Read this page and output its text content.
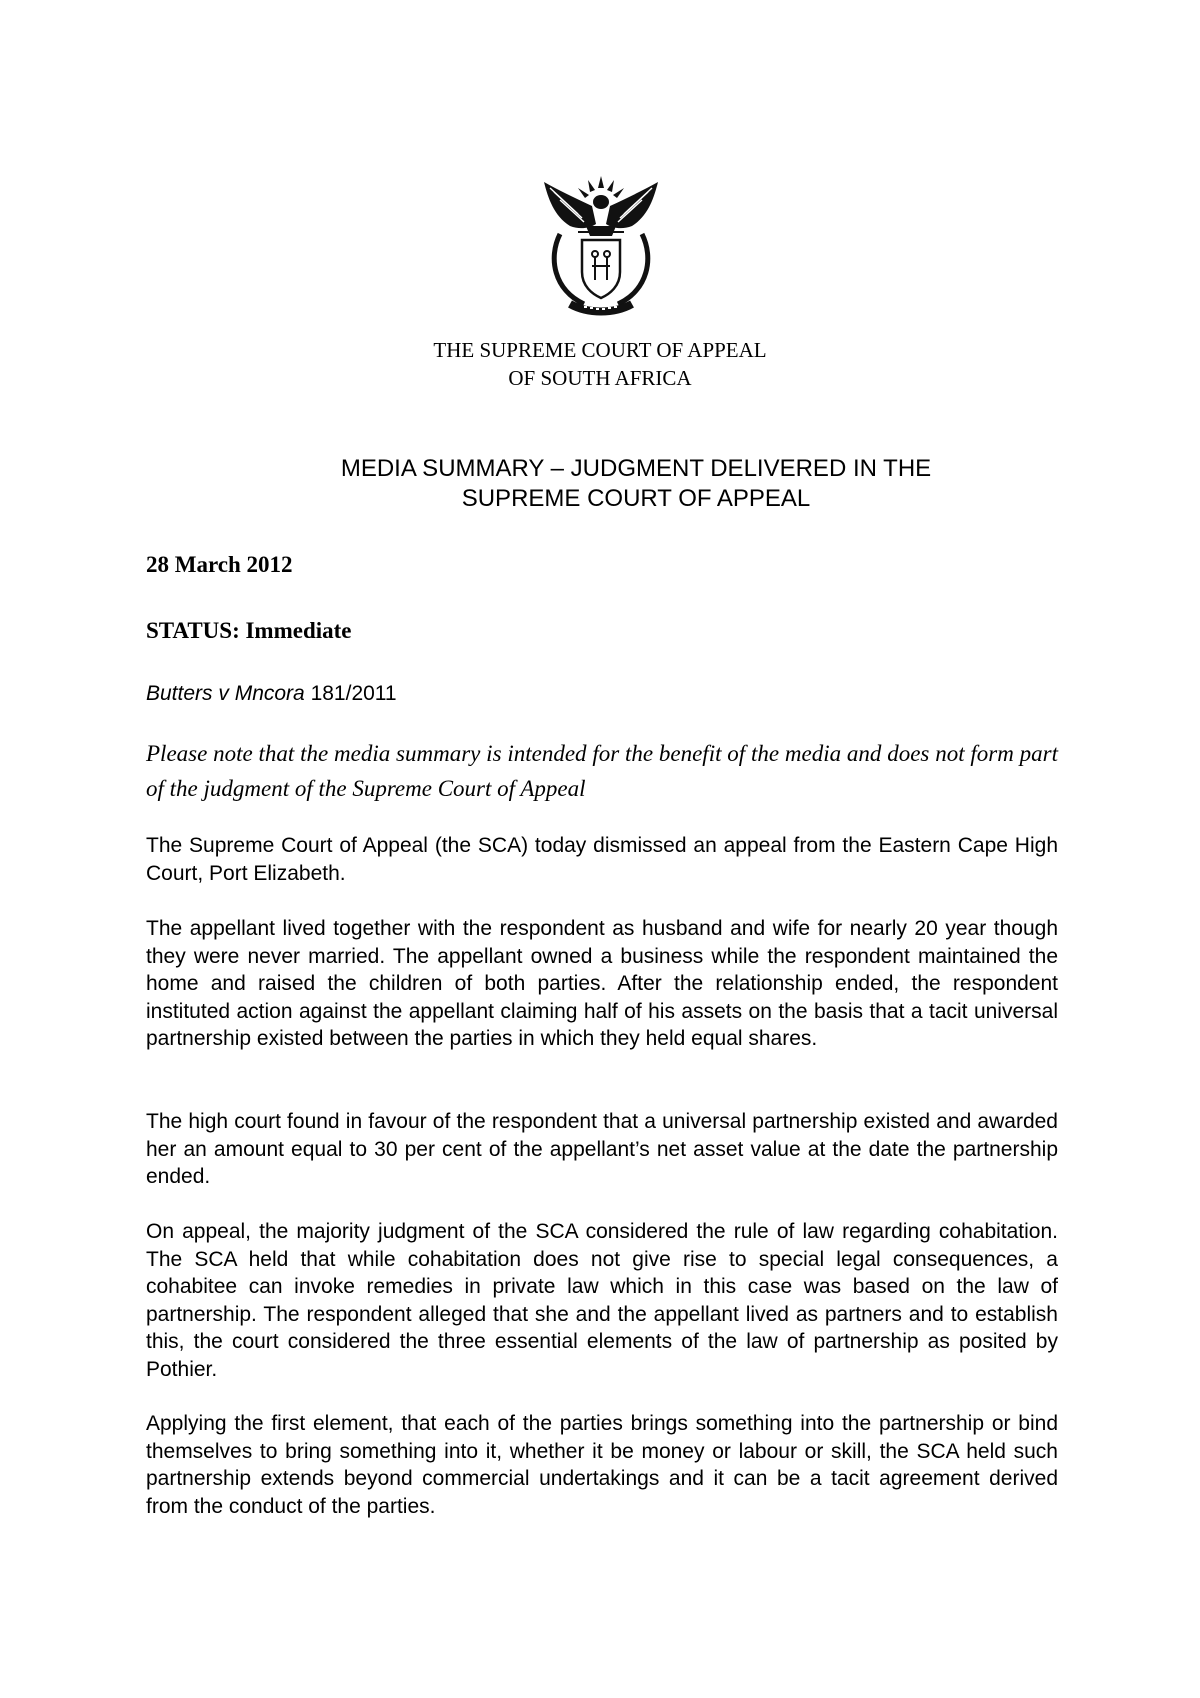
THE SUPREME COURT OF APPEAL
OF SOUTH AFRICA
MEDIA SUMMARY – JUDGMENT DELIVERED IN THE
SUPREME COURT OF APPEAL
28 March 2012
STATUS: Immediate
Butters v Mncora 181/2011
Please note that the media summary is intended for the benefit of the media and does not form part of the judgment of the Supreme Court of Appeal
The Supreme Court of Appeal (the SCA) today dismissed an appeal from the Eastern Cape High Court, Port Elizabeth.
The appellant lived together with the respondent as husband and wife for nearly 20 year though they were never married. The appellant owned a business while the respondent maintained the home and raised the children of both parties. After the relationship ended, the respondent instituted action against the appellant claiming half of his assets on the basis that a tacit universal partnership existed between the parties in which they held equal shares.
The high court found in favour of the respondent that a universal partnership existed and awarded her an amount equal to 30 per cent of the appellant’s net asset value at the date the partnership ended.
On appeal, the majority judgment of the SCA considered the rule of law regarding cohabitation. The SCA held that while cohabitation does not give rise to special legal consequences, a cohabitee can invoke remedies in private law which in this case was based on the law of partnership. The respondent alleged that she and the appellant lived as partners and to establish this, the court considered the three essential elements of the law of partnership as posited by Pothier.
Applying the first element, that each of the parties brings something into the partnership or bind themselves to bring something into it, whether it be money or labour or skill, the SCA held such partnership extends beyond commercial undertakings and it can be a tacit agreement derived from the conduct of the parties.
